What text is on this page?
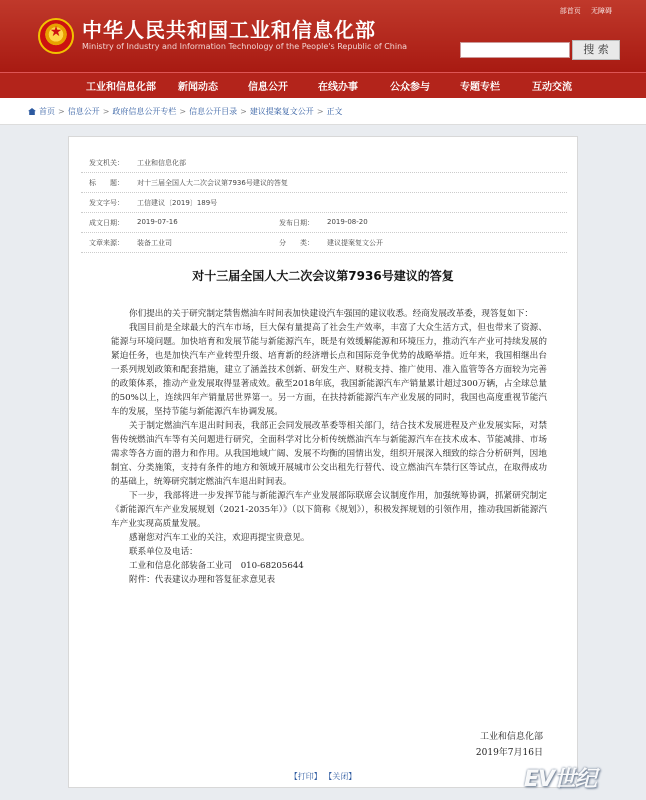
★
中华人民共和国工业和信息化部
Ministry of Industry and Information Technology of the People's Republic of China
部首页 无障碍
搜 索
工业和信息化部 新闻动态	信息公开	在线办事	公众参与	专题专栏	互动交流
首页 > 信息公开 > 政府信息公开专栏 > 信息公开目录 > 建议提案复文公开 > 正文
发文机关： 工业和信息化部
标　　题： 对十三届全国人大二次会议第7936号建议的答复
发文字号： 工信建议〔2019〕189号
成文日期： 2019-07-16	发布日期： 2019-08-20
文章来源： 装备工业司	分　　类： 建议提案复文公开
对十三届全国人大二次会议第7936号建议的答复

你们提出的关于研究制定禁售燃油车时间表加快建设汽车强国的建议收悉。经商发展改革委，现答复如下：

我国目前是全球最大的汽车市场，巨大保有量提高了社会生产效率，丰富了大众生活方式，但也带来了资源、能源与环境问题。加快培育和发展节能与新能源汽车，既是有效缓解能源和环境压力，推动汽车产业可持续发展的紧迫任务，也是加快汽车产业转型升级、培育新的经济增长点和国际竞争优势的战略举措。近年来，我国相继出台一系列规划政策和配套措施，建立了涵盖技术创新、研发生产、财税支持、推广使用、准入监管等各方面较为完善的政策体系，推动产业发展取得显著成效。截至2018年底，我国新能源汽车产销量累计超过300万辆，占全球总量的50%以上，连续四年产销量居世界第一。另一方面，在扶持新能源汽车产业发展的同时，我国也高度重视节能汽车的发展，坚持节能与新能源汽车协调发展。

关于制定燃油汽车退出时间表，我部正会同发展改革委等相关部门，结合技术发展进程及产业发展实际，对禁售传统燃油汽车等有关问题进行研究，全面科学对比分析传统燃油汽车与新能源汽车在技术成本、节能减排、市场需求等各方面的潜力和作用。从我国地域广阔、发展不均衡的国情出发，组织开展深入细致的综合分析研判，因地制宜、分类施策，支持有条件的地方和领域开展城市公交出租先行替代、设立燃油汽车禁行区等试点，在取得成功的基础上，统筹研究制定燃油汽车退出时间表。

下一步，我部将进一步发挥节能与新能源汽车产业发展部际联席会议制度作用，加强统筹协调，抓紧研究制定《新能源汽车产业发展规划（2021-2035年）》（以下简称《规划》），积极发挥规划的引领作用，推动我国新能源汽车产业实现高质量发展。

感谢您对汽车工业的关注，欢迎再提宝贵意见。

联系单位及电话：

工业和信息化部装备工业司　010-68205644

附件：代表建议办理和答复征求意见表

工业和信息化部
2019年7月16日
【打印】 【关闭】	EV世纪
